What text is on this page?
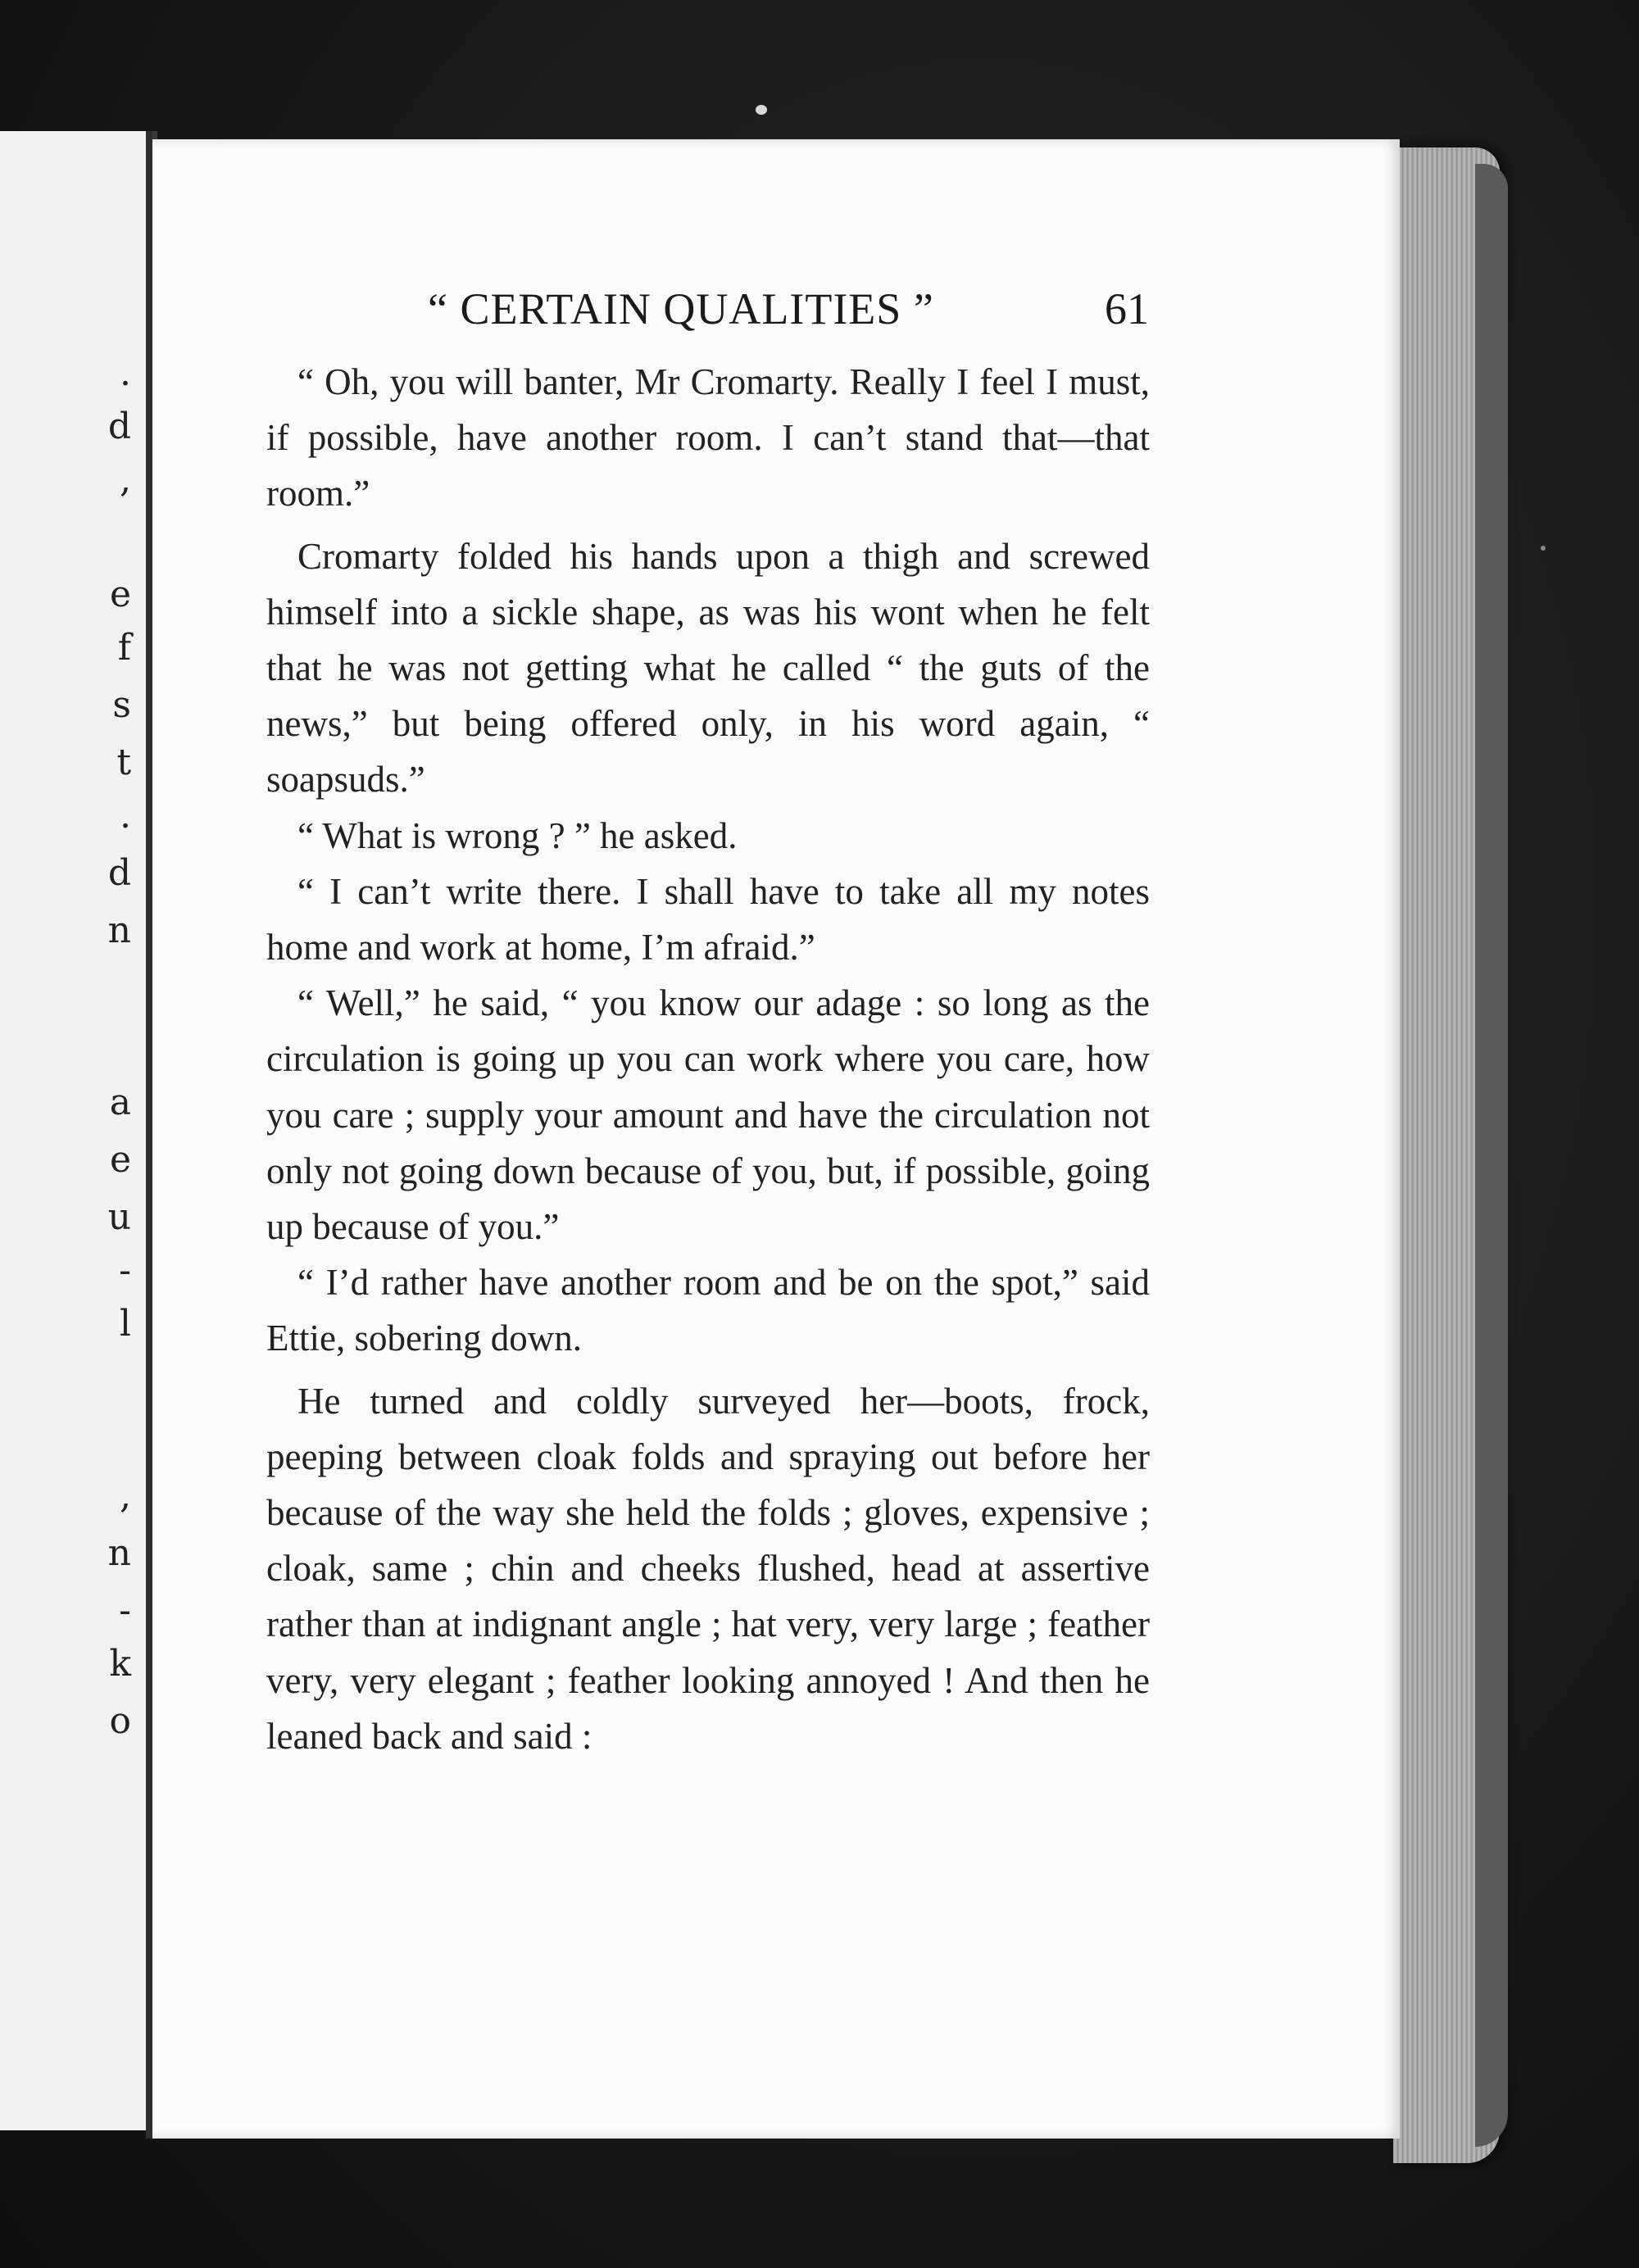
.
d
,
e
f
s
t
.
d
n
a
e
u
-
l
,
n
-
k
o
“ CERTAIN QUALITIES ”	61

“ Oh, you will banter, Mr Cromarty. Really I feel I must, if possible, have another room. I can’t stand that—that room.”

Cromarty folded his hands upon a thigh and screwed himself into a sickle shape, as was his wont when he felt that he was not getting what he called “ the guts of the news,” but being offered only, in his word again, “ soapsuds.”

“ What is wrong ? ” he asked.

“ I can’t write there. I shall have to take all my notes home and work at home, I’m afraid.”

“ Well,” he said, “ you know our adage : so long as the circulation is going up you can work where you care, how you care ; supply your amount and have the circulation not only not going down because of you, but, if possible, going up because of you.”

“ I’d rather have another room and be on the spot,” said Ettie, sobering down.

He turned and coldly surveyed her—boots, frock, peeping between cloak folds and spraying out before her because of the way she held the folds ; gloves, expensive ; cloak, same ; chin and cheeks flushed, head at assertive rather than at indignant angle ; hat very, very large ; feather very, very elegant ; feather looking annoyed ! And then he leaned back and said :
